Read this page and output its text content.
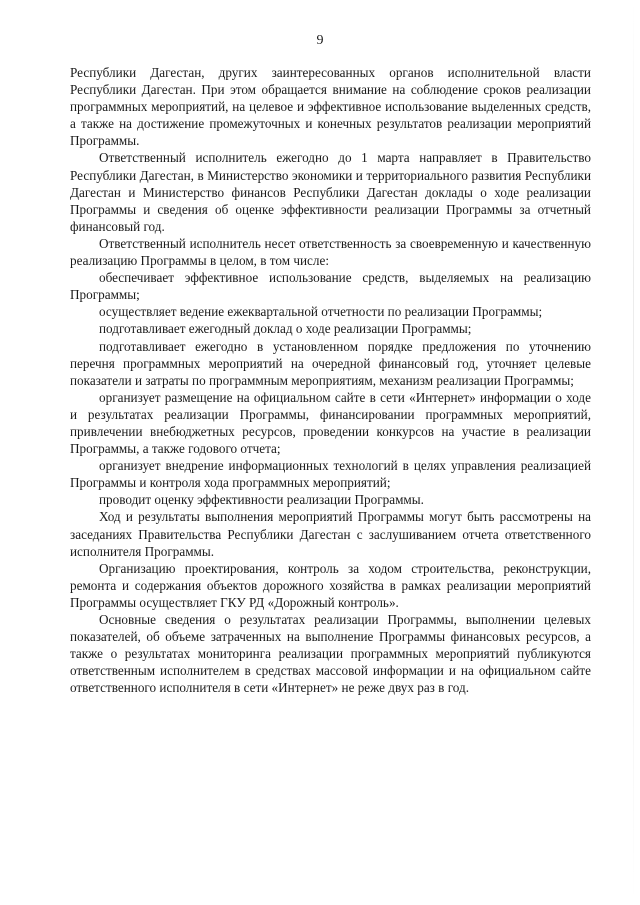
9

Республики Дагестан, других заинтересованных органов исполнительной власти Республики Дагестан. При этом обращается внимание на соблюдение сроков реализации программных мероприятий, на целевое и эффективное использование выделенных средств, а также на достижение промежуточных и конечных результатов реализации мероприятий Программы.

Ответственный исполнитель ежегодно до 1 марта направляет в Правительство Республики Дагестан, в Министерство экономики и территориального развития Республики Дагестан и Министерство финансов Республики Дагестан доклады о ходе реализации Программы и сведения об оценке эффективности реализации Программы за отчетный финансовый год.

Ответственный исполнитель несет ответственность за своевременную и качественную реализацию Программы в целом, в том числе:

обеспечивает эффективное использование средств, выделяемых на реализацию Программы;

осуществляет ведение ежеквартальной отчетности по реализации Программы;

подготавливает ежегодный доклад о ходе реализации Программы;

подготавливает ежегодно в установленном порядке предложения по уточнению перечня программных мероприятий на очередной финансовый год, уточняет целевые показатели и затраты по программным мероприятиям, механизм реализации Программы;

организует размещение на официальном сайте в сети «Интернет» информации о ходе и результатах реализации Программы, финансировании программных мероприятий, привлечении внебюджетных ресурсов, проведении конкурсов на участие в реализации Программы, а также годового отчета;

организует внедрение информационных технологий в целях управления реализацией Программы и контроля хода программных мероприятий;

проводит оценку эффективности реализации Программы.

Ход и результаты выполнения мероприятий Программы могут быть рассмотрены на заседаниях Правительства Республики Дагестан с заслушиванием отчета ответственного исполнителя Программы.

Организацию проектирования, контроль за ходом строительства, реконструкции, ремонта и содержания объектов дорожного хозяйства в рамках реализации мероприятий Программы осуществляет ГКУ РД «Дорожный контроль».

Основные сведения о результатах реализации Программы, выполнении целевых показателей, об объеме затраченных на выполнение Программы финансовых ресурсов, а также о результатах мониторинга реализации программных мероприятий публикуются ответственным исполнителем в средствах массовой информации и на официальном сайте ответственного исполнителя в сети «Интернет» не реже двух раз в год.
